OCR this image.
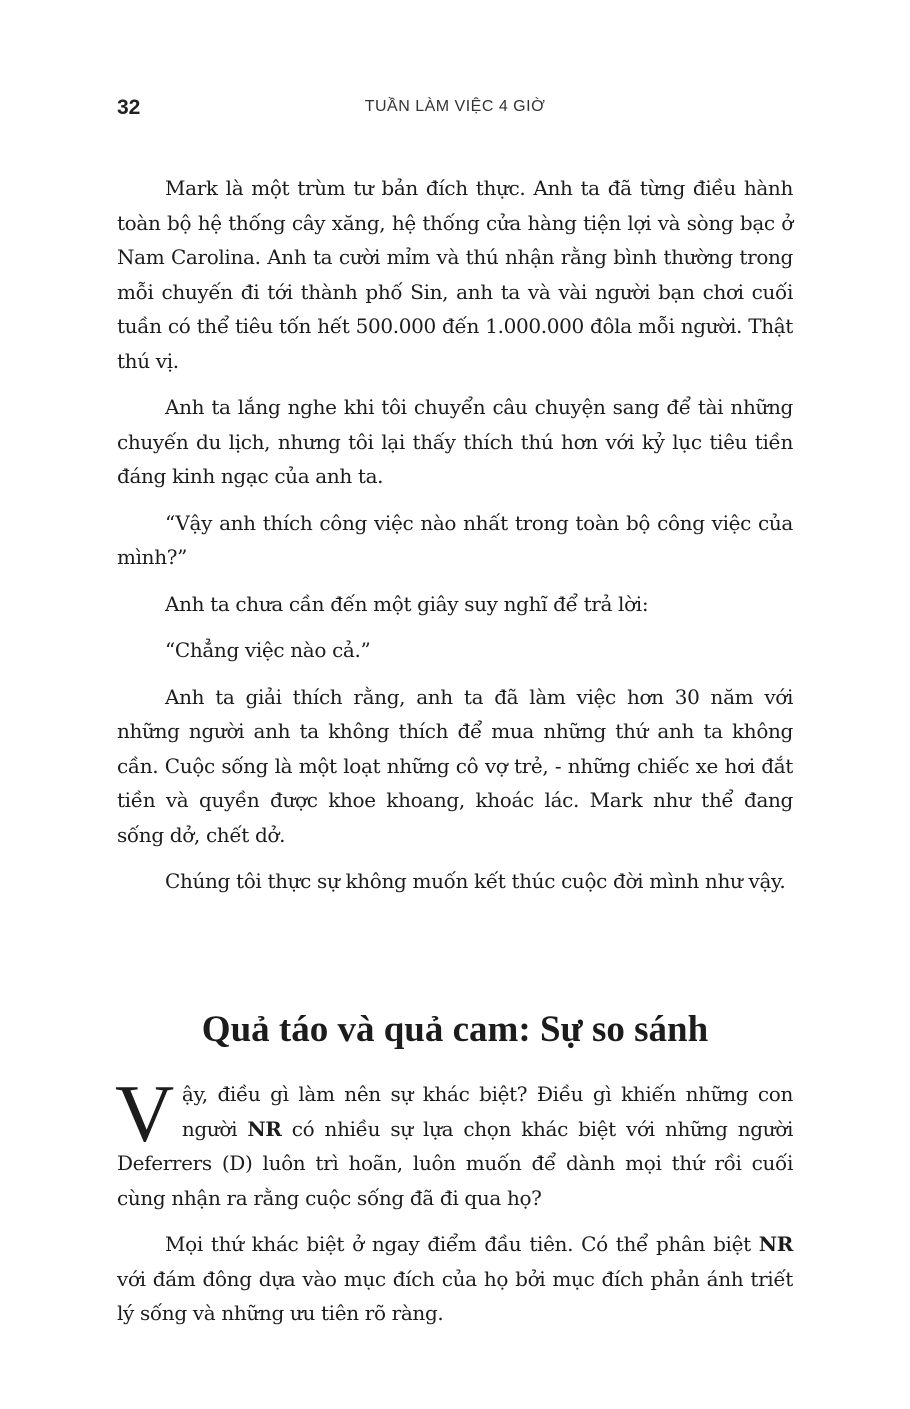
32	TUẦN LÀM VIỆC 4 GIỜ

Mark là một trùm tư bản đích thực. Anh ta đã từng điều hành toàn bộ hệ thống cây xăng, hệ thống cửa hàng tiện lợi và sòng bạc ở Nam Carolina. Anh ta cười mỉm và thú nhận rằng bình thường trong mỗi chuyến đi tới thành phố Sin, anh ta và vài người bạn chơi cuối tuần có thể tiêu tốn hết 500.000 đến 1.000.000 đôla mỗi người. Thật thú vị.

Anh ta lắng nghe khi tôi chuyển câu chuyện sang để tài những chuyến du lịch, nhưng tôi lại thấy thích thú hơn với kỷ lục tiêu tiền đáng kinh ngạc của anh ta.

“Vậy anh thích công việc nào nhất trong toàn bộ công việc của mình?”

Anh ta chưa cần đến một giây suy nghĩ để trả lời:

“Chẳng việc nào cả.”

Anh ta giải thích rằng, anh ta đã làm việc hơn 30 năm với những người anh ta không thích để mua những thứ anh ta không cần. Cuộc sống là một loạt những cô vợ trẻ, - những chiếc xe hơi đắt tiền và quyền được khoe khoang, khoác lác. Mark như thể đang sống dở, chết dở.

Chúng tôi thực sự không muốn kết thúc cuộc đời mình như vậy.

Quả táo và quả cam: Sự so sánh

Vậy, điều gì làm nên sự khác biệt? Điều gì khiến những con người NR có nhiều sự lựa chọn khác biệt với những người Deferrers (D) luôn trì hoãn, luôn muốn để dành mọi thứ rồi cuối cùng nhận ra rằng cuộc sống đã đi qua họ?

Mọi thứ khác biệt ở ngay điểm đầu tiên. Có thể phân biệt NR với đám đông dựa vào mục đích của họ bởi mục đích phản ánh triết lý sống và những ưu tiên rõ ràng.
